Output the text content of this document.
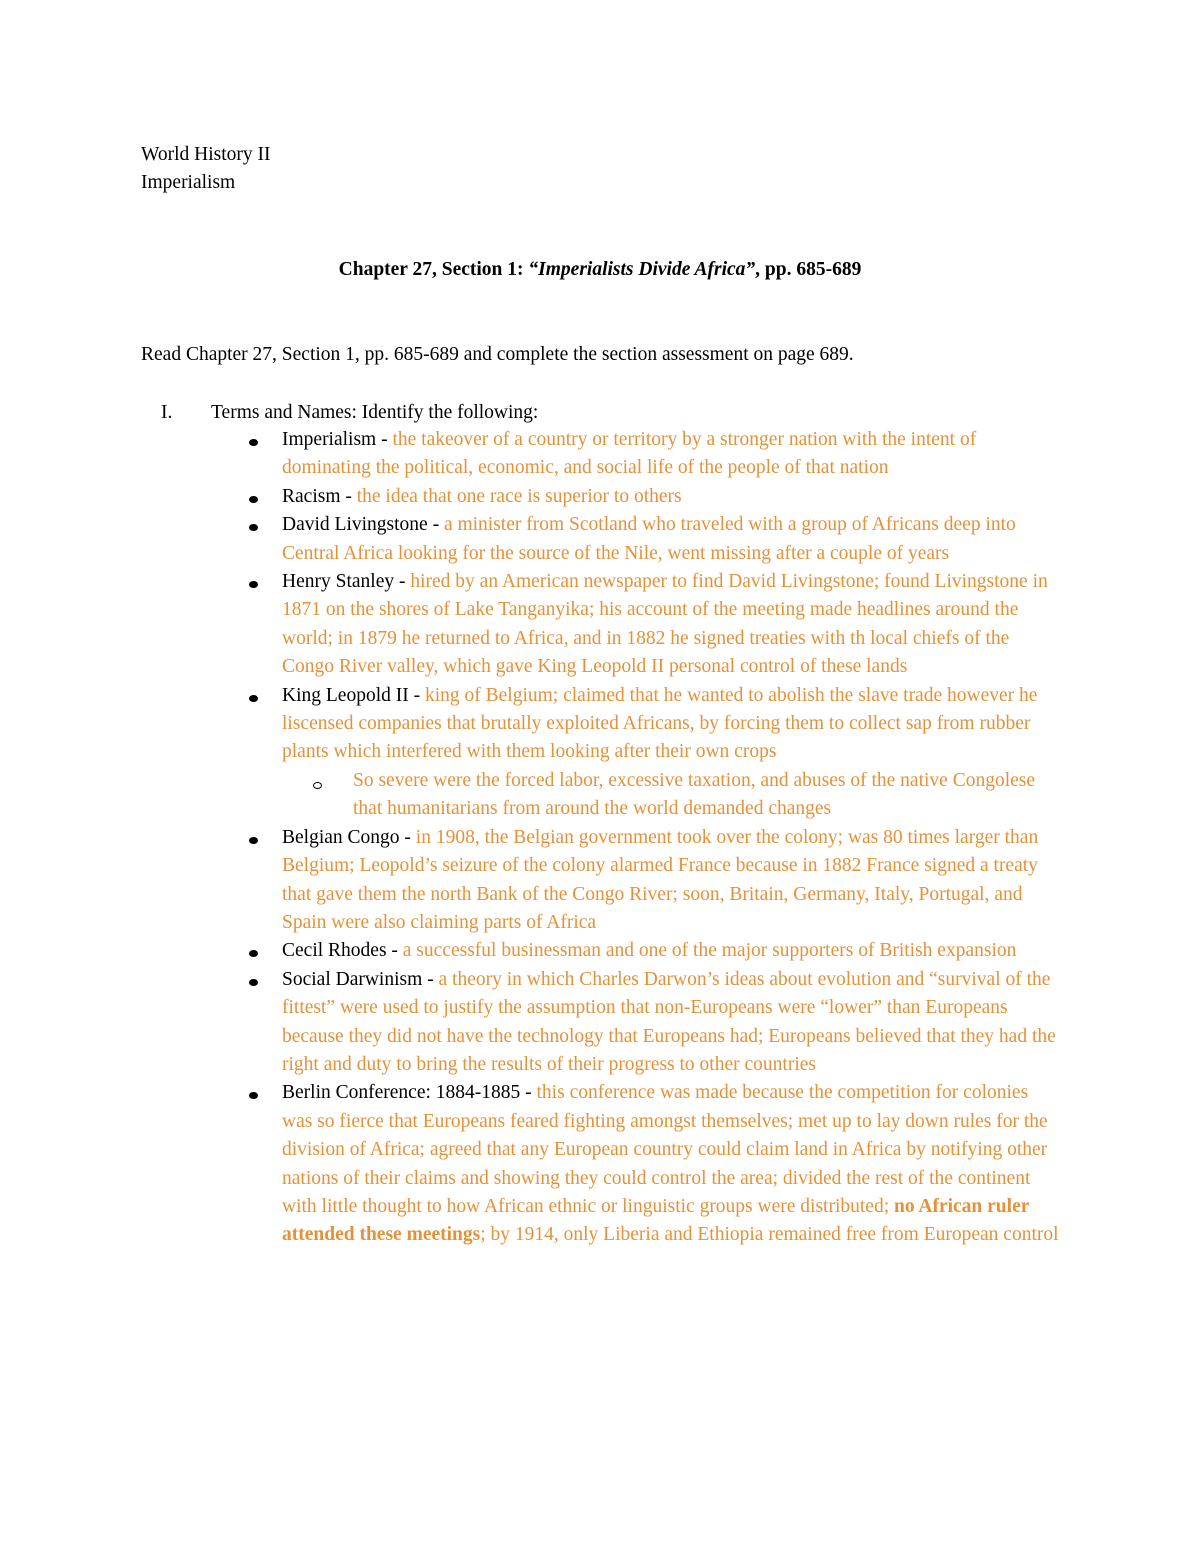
World History II
Imperialism
Chapter 27, Section 1: “Imperialists Divide Africa”, pp. 685-689
Read Chapter 27, Section 1, pp. 685-689 and complete the section assessment on page 689.
I. Terms and Names: Identify the following:
Imperialism - the takeover of a country or territory by a stronger nation with the intent of dominating the political, economic, and social life of the people of that nation
Racism - the idea that one race is superior to others
David Livingstone - a minister from Scotland who traveled with a group of Africans deep into Central Africa looking for the source of the Nile, went missing after a couple of years
Henry Stanley - hired by an American newspaper to find David Livingstone; found Livingstone in 1871 on the shores of Lake Tanganyika; his account of the meeting made headlines around the world; in 1879 he returned to Africa, and in 1882 he signed treaties with th local chiefs of the Congo River valley, which gave King Leopold II personal control of these lands
King Leopold II - king of Belgium; claimed that he wanted to abolish the slave trade however he liscensed companies that brutally exploited Africans, by forcing them to collect sap from rubber plants which interfered with them looking after their own crops
So severe were the forced labor, excessive taxation, and abuses of the native Congolese that humanitarians from around the world demanded changes
Belgian Congo - in 1908, the Belgian government took over the colony; was 80 times larger than Belgium; Leopold’s seizure of the colony alarmed France because in 1882 France signed a treaty that gave them the north Bank of the Congo River; soon, Britain, Germany, Italy, Portugal, and Spain were also claiming parts of Africa
Cecil Rhodes - a successful businessman and one of the major supporters of British expansion
Social Darwinism - a theory in which Charles Darwon’s ideas about evolution and “survival of the fittest” were used to justify the assumption that non-Europeans were “lower” than Europeans because they did not have the technology that Europeans had; Europeans believed that they had the right and duty to bring the results of their progress to other countries
Berlin Conference: 1884-1885 - this conference was made because the competition for colonies was so fierce that Europeans feared fighting amongst themselves; met up to lay down rules for the division of Africa; agreed that any European country could claim land in Africa by notifying other nations of their claims and showing they could control the area; divided the rest of the continent with little thought to how African ethnic or linguistic groups were distributed; no African ruler attended these meetings; by 1914, only Liberia and Ethiopia remained free from European control
